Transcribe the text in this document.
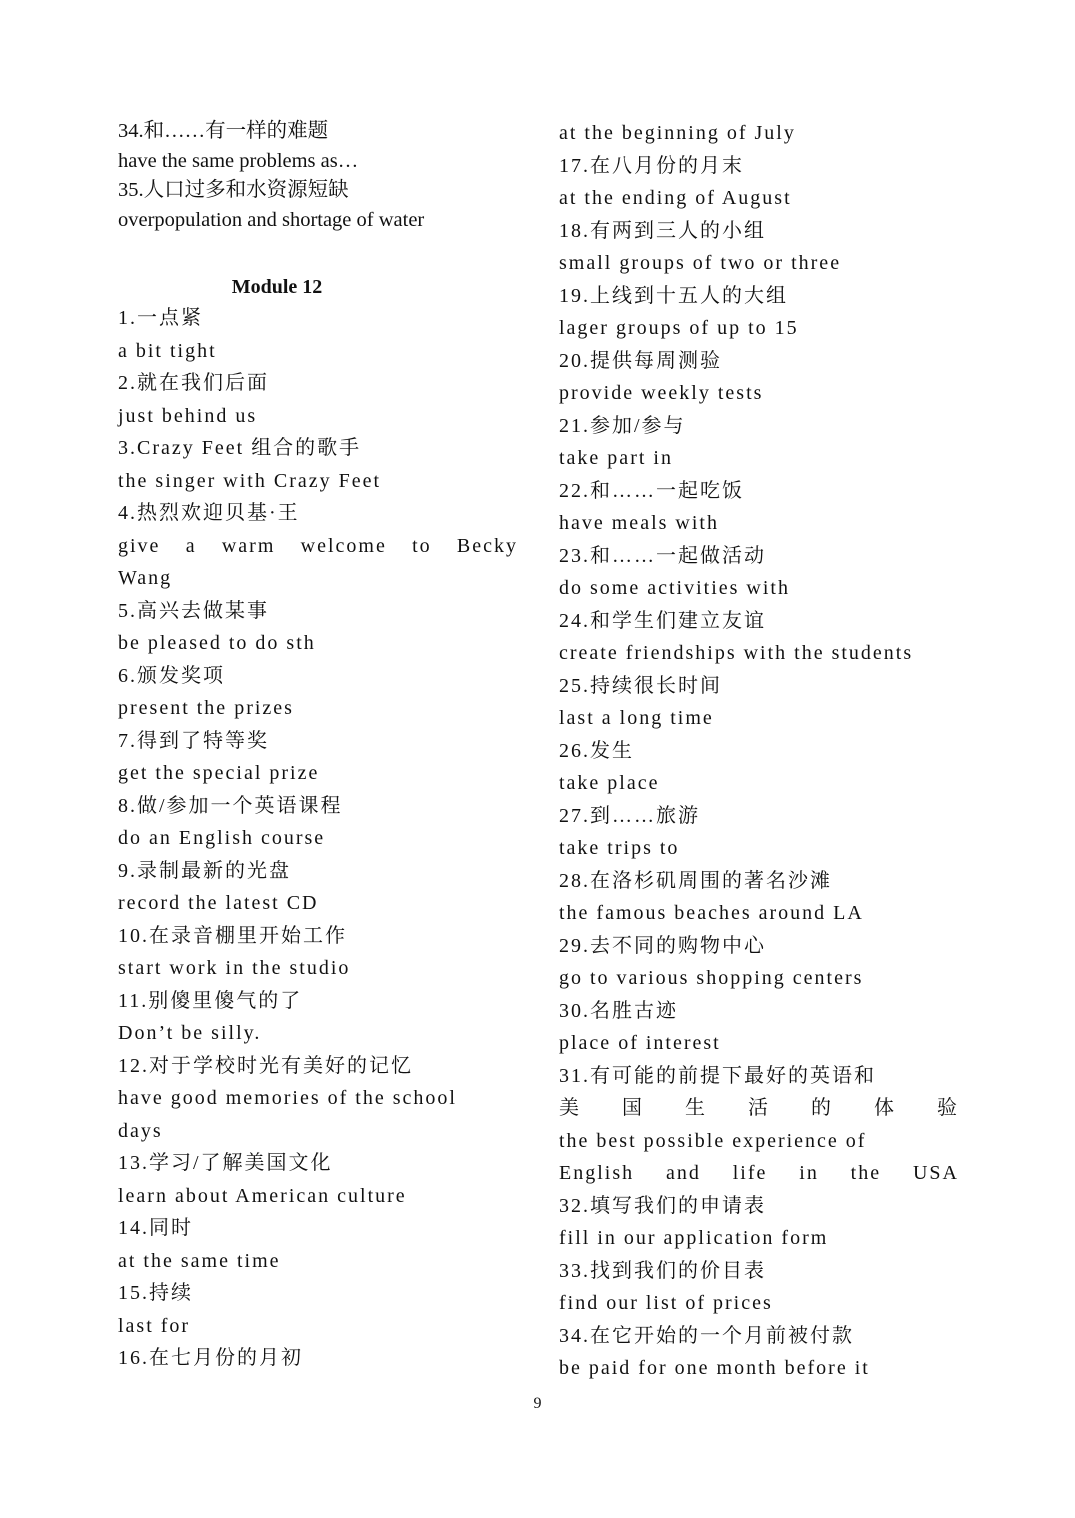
34.和……有一样的难题

have the same problems as…

35.人口过多和水资源短缺

overpopulation and shortage of water

Module 12

1.一点紧

a bit tight

2.就在我们后面

just behind us

3.Crazy Feet 组合的歌手

the singer with Crazy Feet

4.热烈欢迎贝基·王

give a warm welcome to Becky

Wang

5.高兴去做某事

be pleased to do sth

6.颁发奖项

present the prizes

7.得到了特等奖

get the special prize

8.做/参加一个英语课程

do an English course

9.录制最新的光盘

record the latest CD

10.在录音棚里开始工作

start work in the studio

11.别傻里傻气的了

Don’t be silly.

12.对于学校时光有美好的记忆

have good memories of the school

days

13.学习/了解美国文化

learn about American culture

14.同时

at the same time

15.持续

last for

16.在七月份的月初

at the beginning of July

17.在八月份的月末

at the ending of August

18.有两到三人的小组

small groups of two or three

19.上线到十五人的大组

lager groups of up to 15

20.提供每周测验

provide weekly tests

21.参加/参与

take part in

22.和……一起吃饭

have meals with

23.和……一起做活动

do some activities with

24.和学生们建立友谊

create friendships with the students

25.持续很长时间

last a long time

26.发生

take place

27.到……旅游

take trips to

28.在洛杉矶周围的著名沙滩

the famous beaches around LA

29.去不同的购物中心

go to various shopping centers

30.名胜古迹

place of interest

31.有可能的前提下最好的英语和

美国生活的体验

the best possible experience of

English and life in the USA

32.填写我们的申请表

fill in our application form

33.找到我们的价目表

find our list of prices

34.在它开始的一个月前被付款

be paid for one month before it

9
